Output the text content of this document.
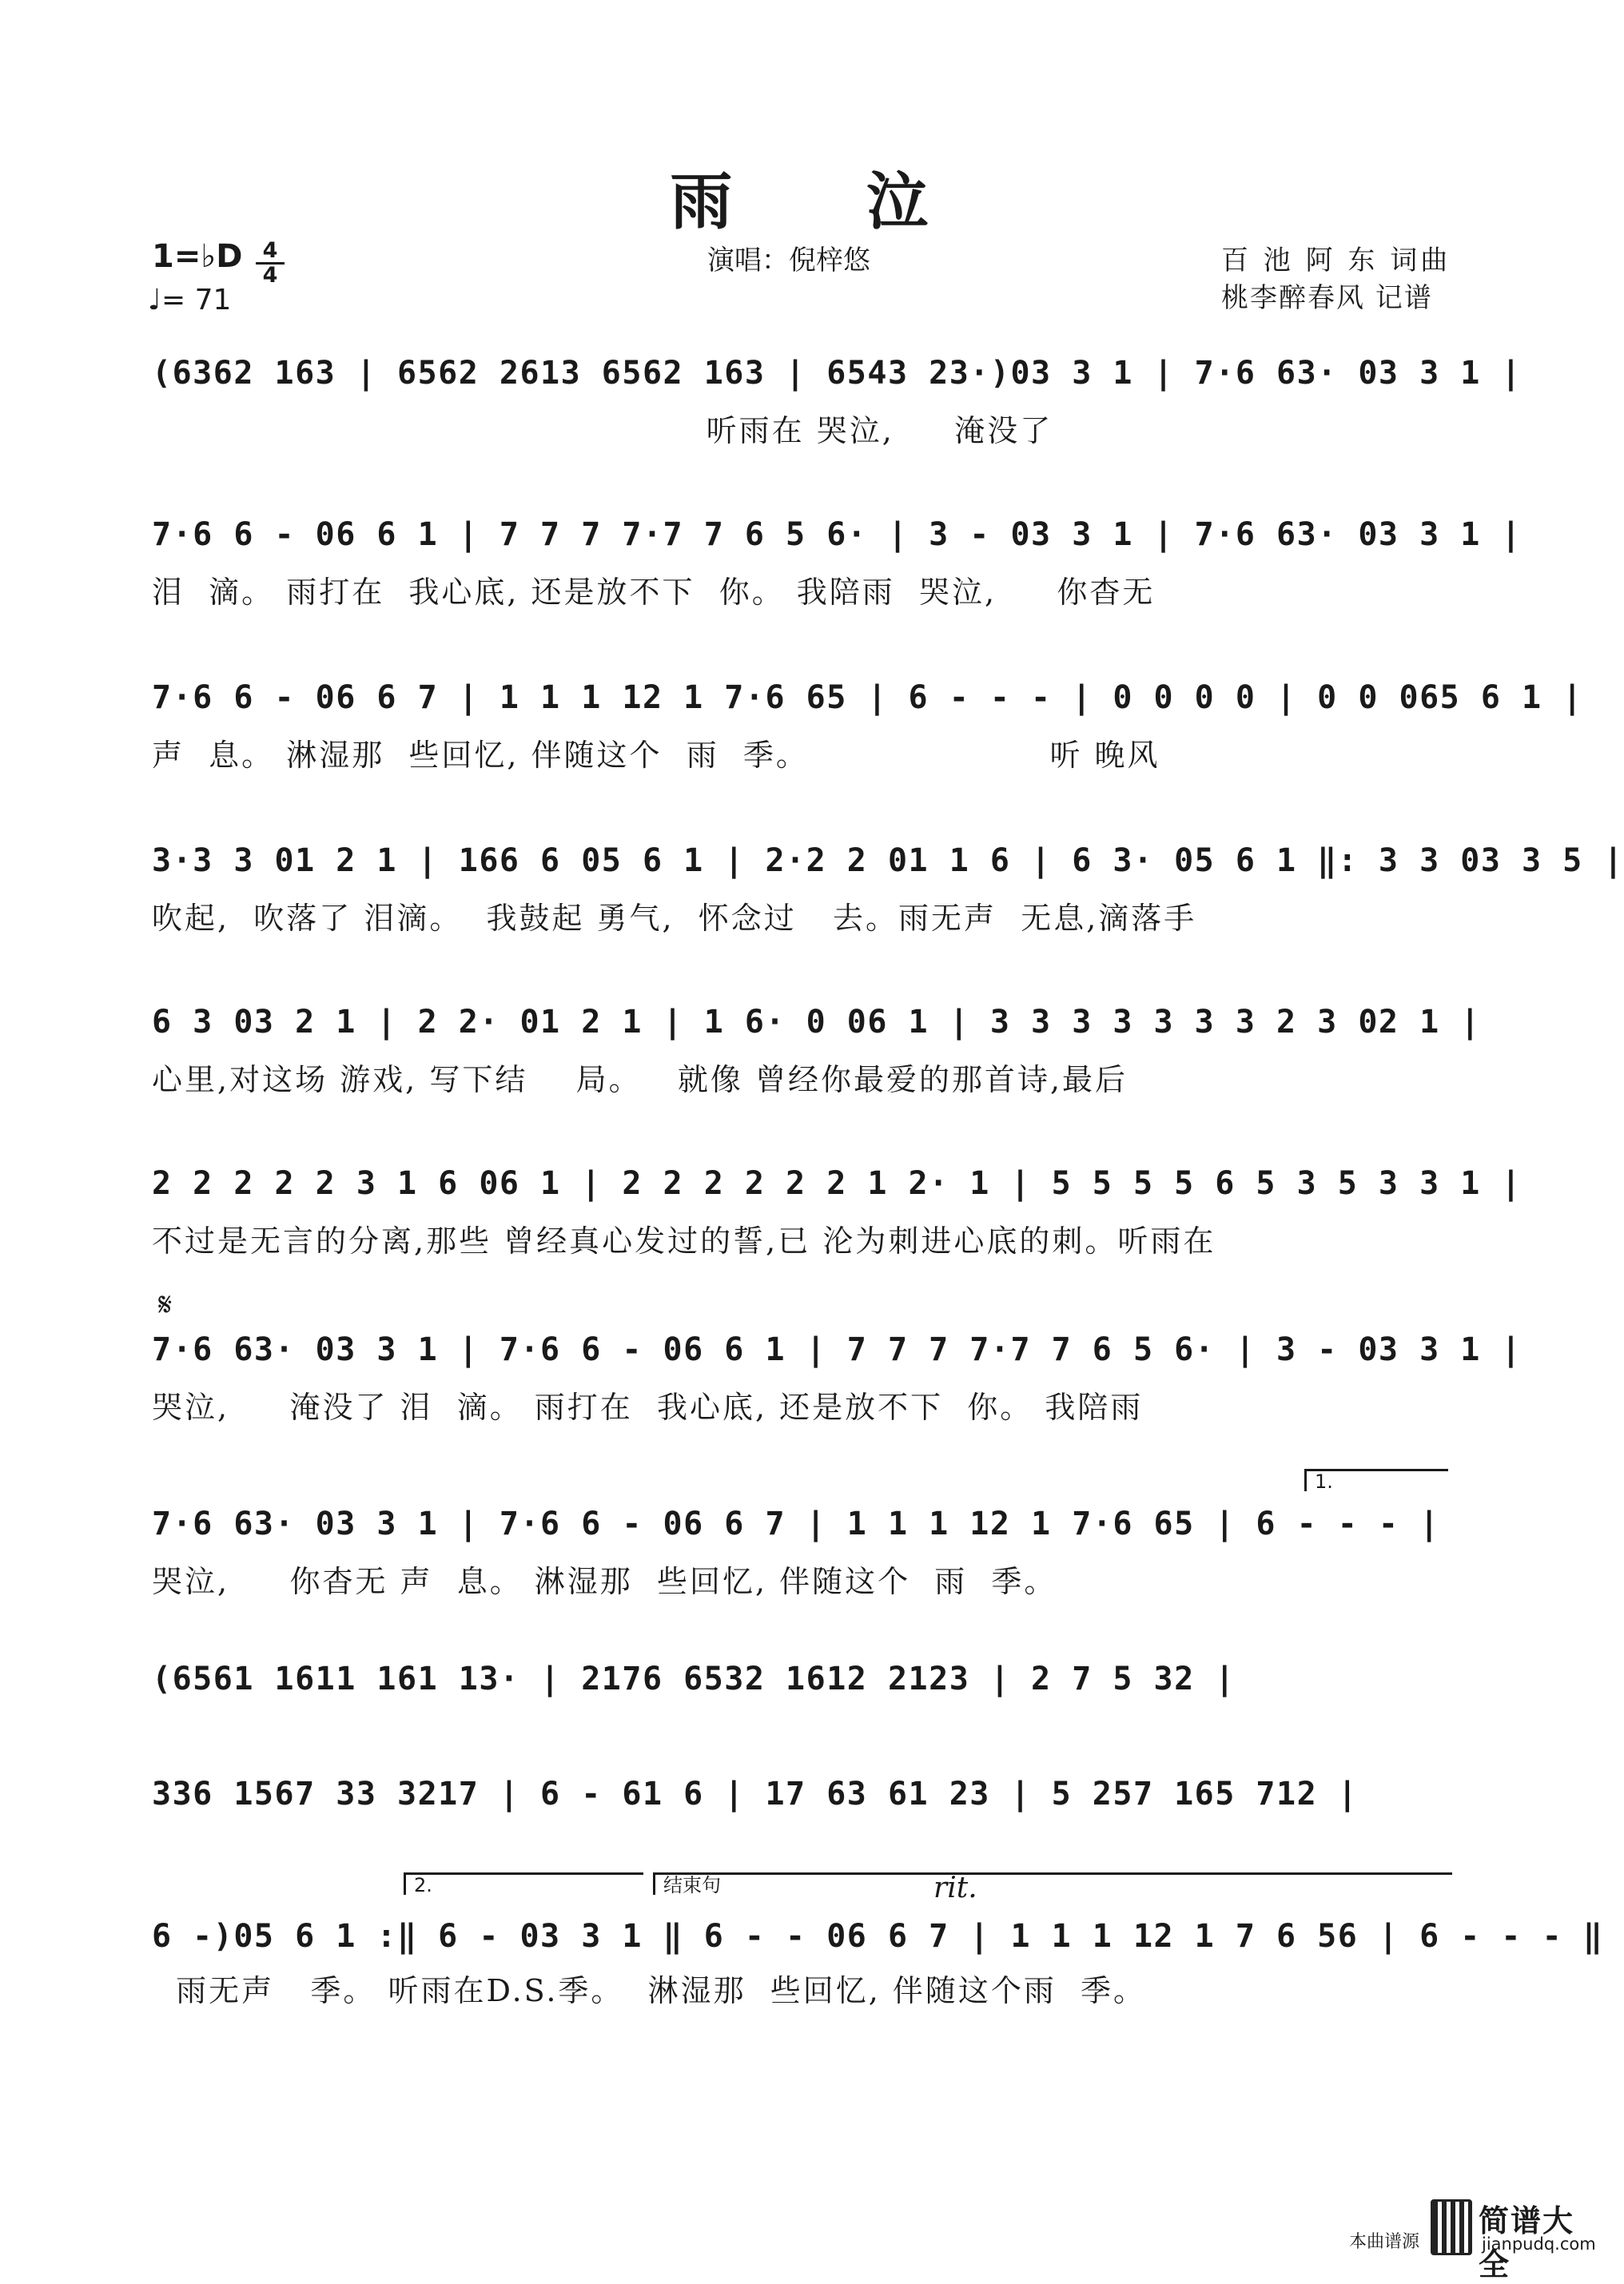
雨 泣
1=♭D $\frac{4}{4}$
♩= 71
演唱：倪梓悠	百 池 阿 东 词曲
桃李醉春风 记谱
𝄋
rit.
1.
2.	结束句
(6362 163 | 6562 2613 6562 163 | 6543 23·)03 3 1 | 7·6 63· 03 3 1 |
听雨在 哭泣,     淹没了
7·6 6 - 06 6 1 | 7 7 7 7·7 7 6 5 6· | 3 - 03 3 1 | 7·6 63· 03 3 1 |
泪  滴。 雨打在  我心底, 还是放不下  你。 我陪雨  哭泣,     你杳无
7·6 6 - 06 6 7 | 1 1 1 12 1 7·6 65 | 6 - - - | 0 0 0 0 | 0 0 065 6 1 |
声  息。 淋湿那  些回忆, 伴随这个  雨  季。                    听 晚风
3·3 3 01 2 1 | 166 6 05 6 1 | 2·2 2 01 1 6 | 6 3· 05 6 1 ‖: 3 3 03 3 5 |
吹起,  吹落了 泪滴。  我鼓起 勇气,  怀念过   去。雨无声  无息,滴落手
6 3 03 2 1 | 2 2· 01 2 1 | 1 6· 0 06 1 | 3 3 3 3 3 3 3 2 3 02 1 |
心里,对这场 游戏, 写下结    局。   就像 曾经你最爱的那首诗,最后
2 2 2 2 2 3 1 6 06 1 | 2 2 2 2 2 2 1 2· 1 | 5 5 5 5 6 5 3 5 3 3 1 |
不过是无言的分离,那些 曾经真心发过的誓,已 沦为刺进心底的刺。听雨在
7·6 63· 03 3 1 | 7·6 6 - 06 6 1 | 7 7 7 7·7 7 6 5 6· | 3 - 03 3 1 |
哭泣,     淹没了 泪  滴。 雨打在  我心底, 还是放不下  你。 我陪雨
7·6 63· 03 3 1 | 7·6 6 - 06 6 7 | 1 1 1 12 1 7·6 65 | 6 - - - |
哭泣,     你杳无 声  息。 淋湿那  些回忆, 伴随这个  雨  季。
(6561 1611 161 13· | 2176 6532 1612 2123 | 2 7 5 32 |
336 1567 33 3217 | 6 - 61 6 | 17 63 61 23 | 5 257 165 712 |
6 -)05 6 1 :‖ 6 - 03 3 1 ‖ 6 - - 06 6 7 | 1 1 1 12 1 7 6 56 | 6 - - - ‖
雨无声   季。 听雨在D.S.季。  淋湿那  些回忆, 伴随这个雨  季。
本曲谱源
简谱大全
jianpudq.com
